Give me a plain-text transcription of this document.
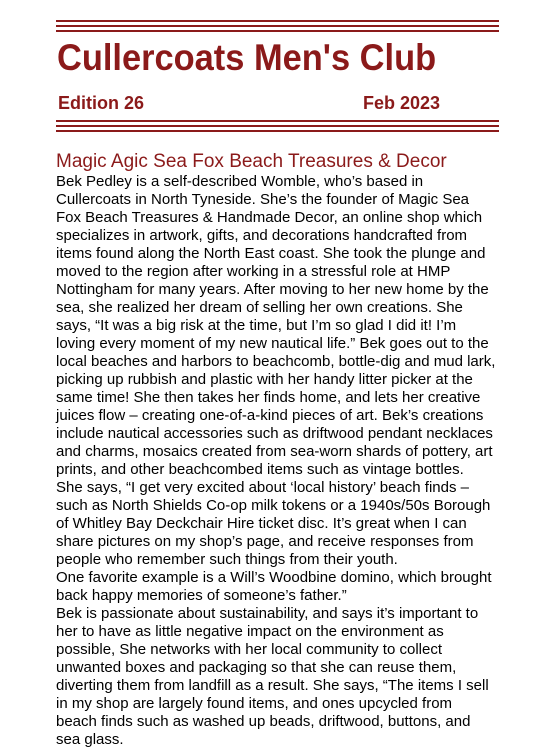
Cullercoats Men's Club
Edition 26	Feb 2023
Magic Agic Sea Fox Beach Treasures & Decor

Bek Pedley is a self-described Womble, who’s based in

Cullercoats in North Tyneside. She’s the founder of Magic Sea

Fox Beach Treasures & Handmade Decor, an online shop which

specializes in artwork, gifts, and decorations handcrafted from

items found along the North East coast. She took the plunge and

moved to the region after working in a stressful role at HMP

Nottingham for many years. After moving to her new home by the

sea, she realized her dream of selling her own creations. She

says, “It was a big risk at the time, but I’m so glad I did it! I’m

loving every moment of my new nautical life.” Bek goes out to the

local beaches and harbors to beachcomb, bottle-dig and mud lark,

picking up rubbish and plastic with her handy litter picker at the

same time! She then takes her finds home, and lets her creative

juices flow – creating one-of-a-kind pieces of art. Bek’s creations

include nautical accessories such as driftwood pendant necklaces

and charms, mosaics created from sea-worn shards of pottery, art

prints, and other beachcombed items such as vintage bottles.

She says, “I get very excited about ‘local history’ beach finds –

such as North Shields Co-op milk tokens or a 1940s/50s Borough

of Whitley Bay Deckchair Hire ticket disc. It’s great when I can

share pictures on my shop’s page, and receive responses from

people who remember such things from their youth.

One favorite example is a Will’s Woodbine domino, which brought

back happy memories of someone’s father.”

Bek is passionate about sustainability, and says it’s important to

her to have as little negative impact on the environment as

possible, She networks with her local community to collect

unwanted boxes and packaging so that she can reuse them,

diverting them from landfill as a result. She says, “The items I sell

in my shop are largely found items, and ones upcycled from

beach finds such as washed up beads, driftwood, buttons, and

sea glass.
